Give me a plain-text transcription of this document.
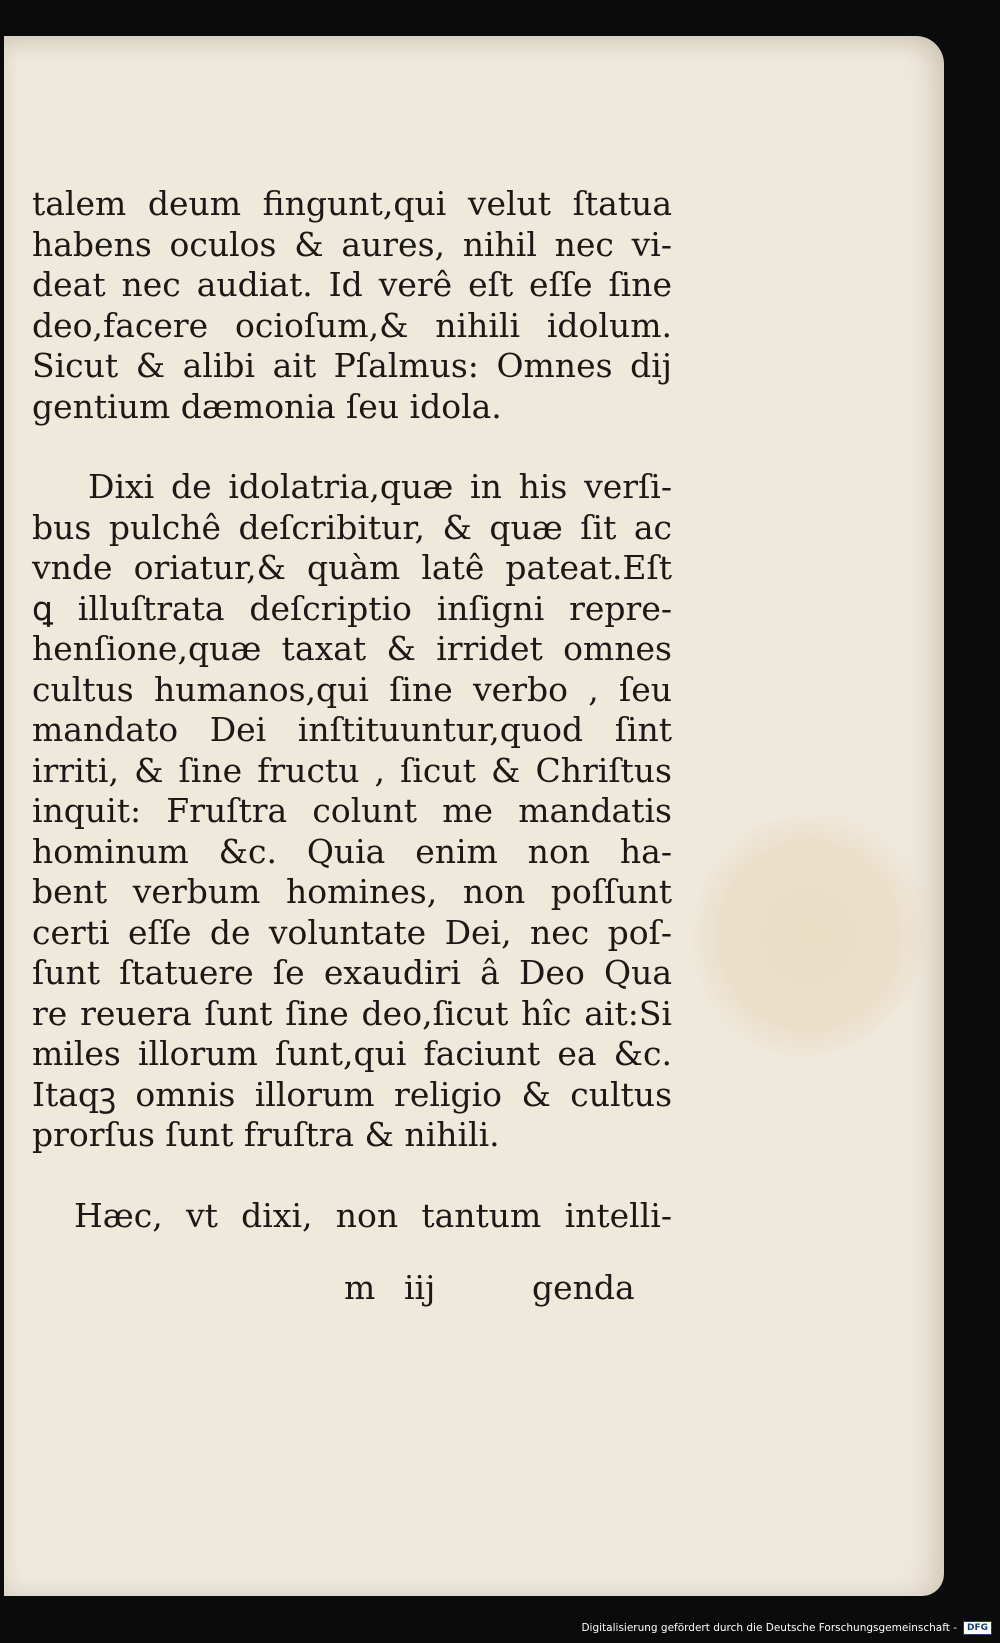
talem deum fingunt,qui velut ſtatua
habens oculos & aures, nihil nec vi-
deat nec audiat. Id verê eſt eſſe ſine
deo,facere ocioſum,& nihili idolum.
Sicut & alibi ait Pſalmus: Omnes dij
gentium dæmonia ſeu idola.
Dixi de idolatria,quæ in his verſi-
bus pulchê deſcribitur, & quæ ſit ac
vnde oriatur,& quàm latê pateat.Eſt
ꝗ illuſtrata deſcriptio inſigni repre-
henſione,quæ taxat & irridet omnes
cultus humanos,qui ſine verbo , ſeu
mandato Dei inſtituuntur,quod ſint
irriti, & ſine fructu , ſicut & Chriſtus
inquit: Fruſtra colunt me mandatis
hominum &c. Quia enim non ha-
bent verbum homines, non poſſunt
certi eſſe de voluntate Dei, nec poſ-
ſunt ſtatuere ſe exaudiri â Deo Qua
re reuera ſunt ſine deo,ſicut hîc ait:Si
miles illorum ſunt,qui faciunt ea &c.
Itaqꝫ omnis illorum religio & cultus
prorſus ſunt fruſtra & nihili.
Hæc, vt dixi, non tantum intelli-
m iij	genda
Digitalisierung gefördert durch die Deutsche Forschungsgemeinschaft -	DFG
